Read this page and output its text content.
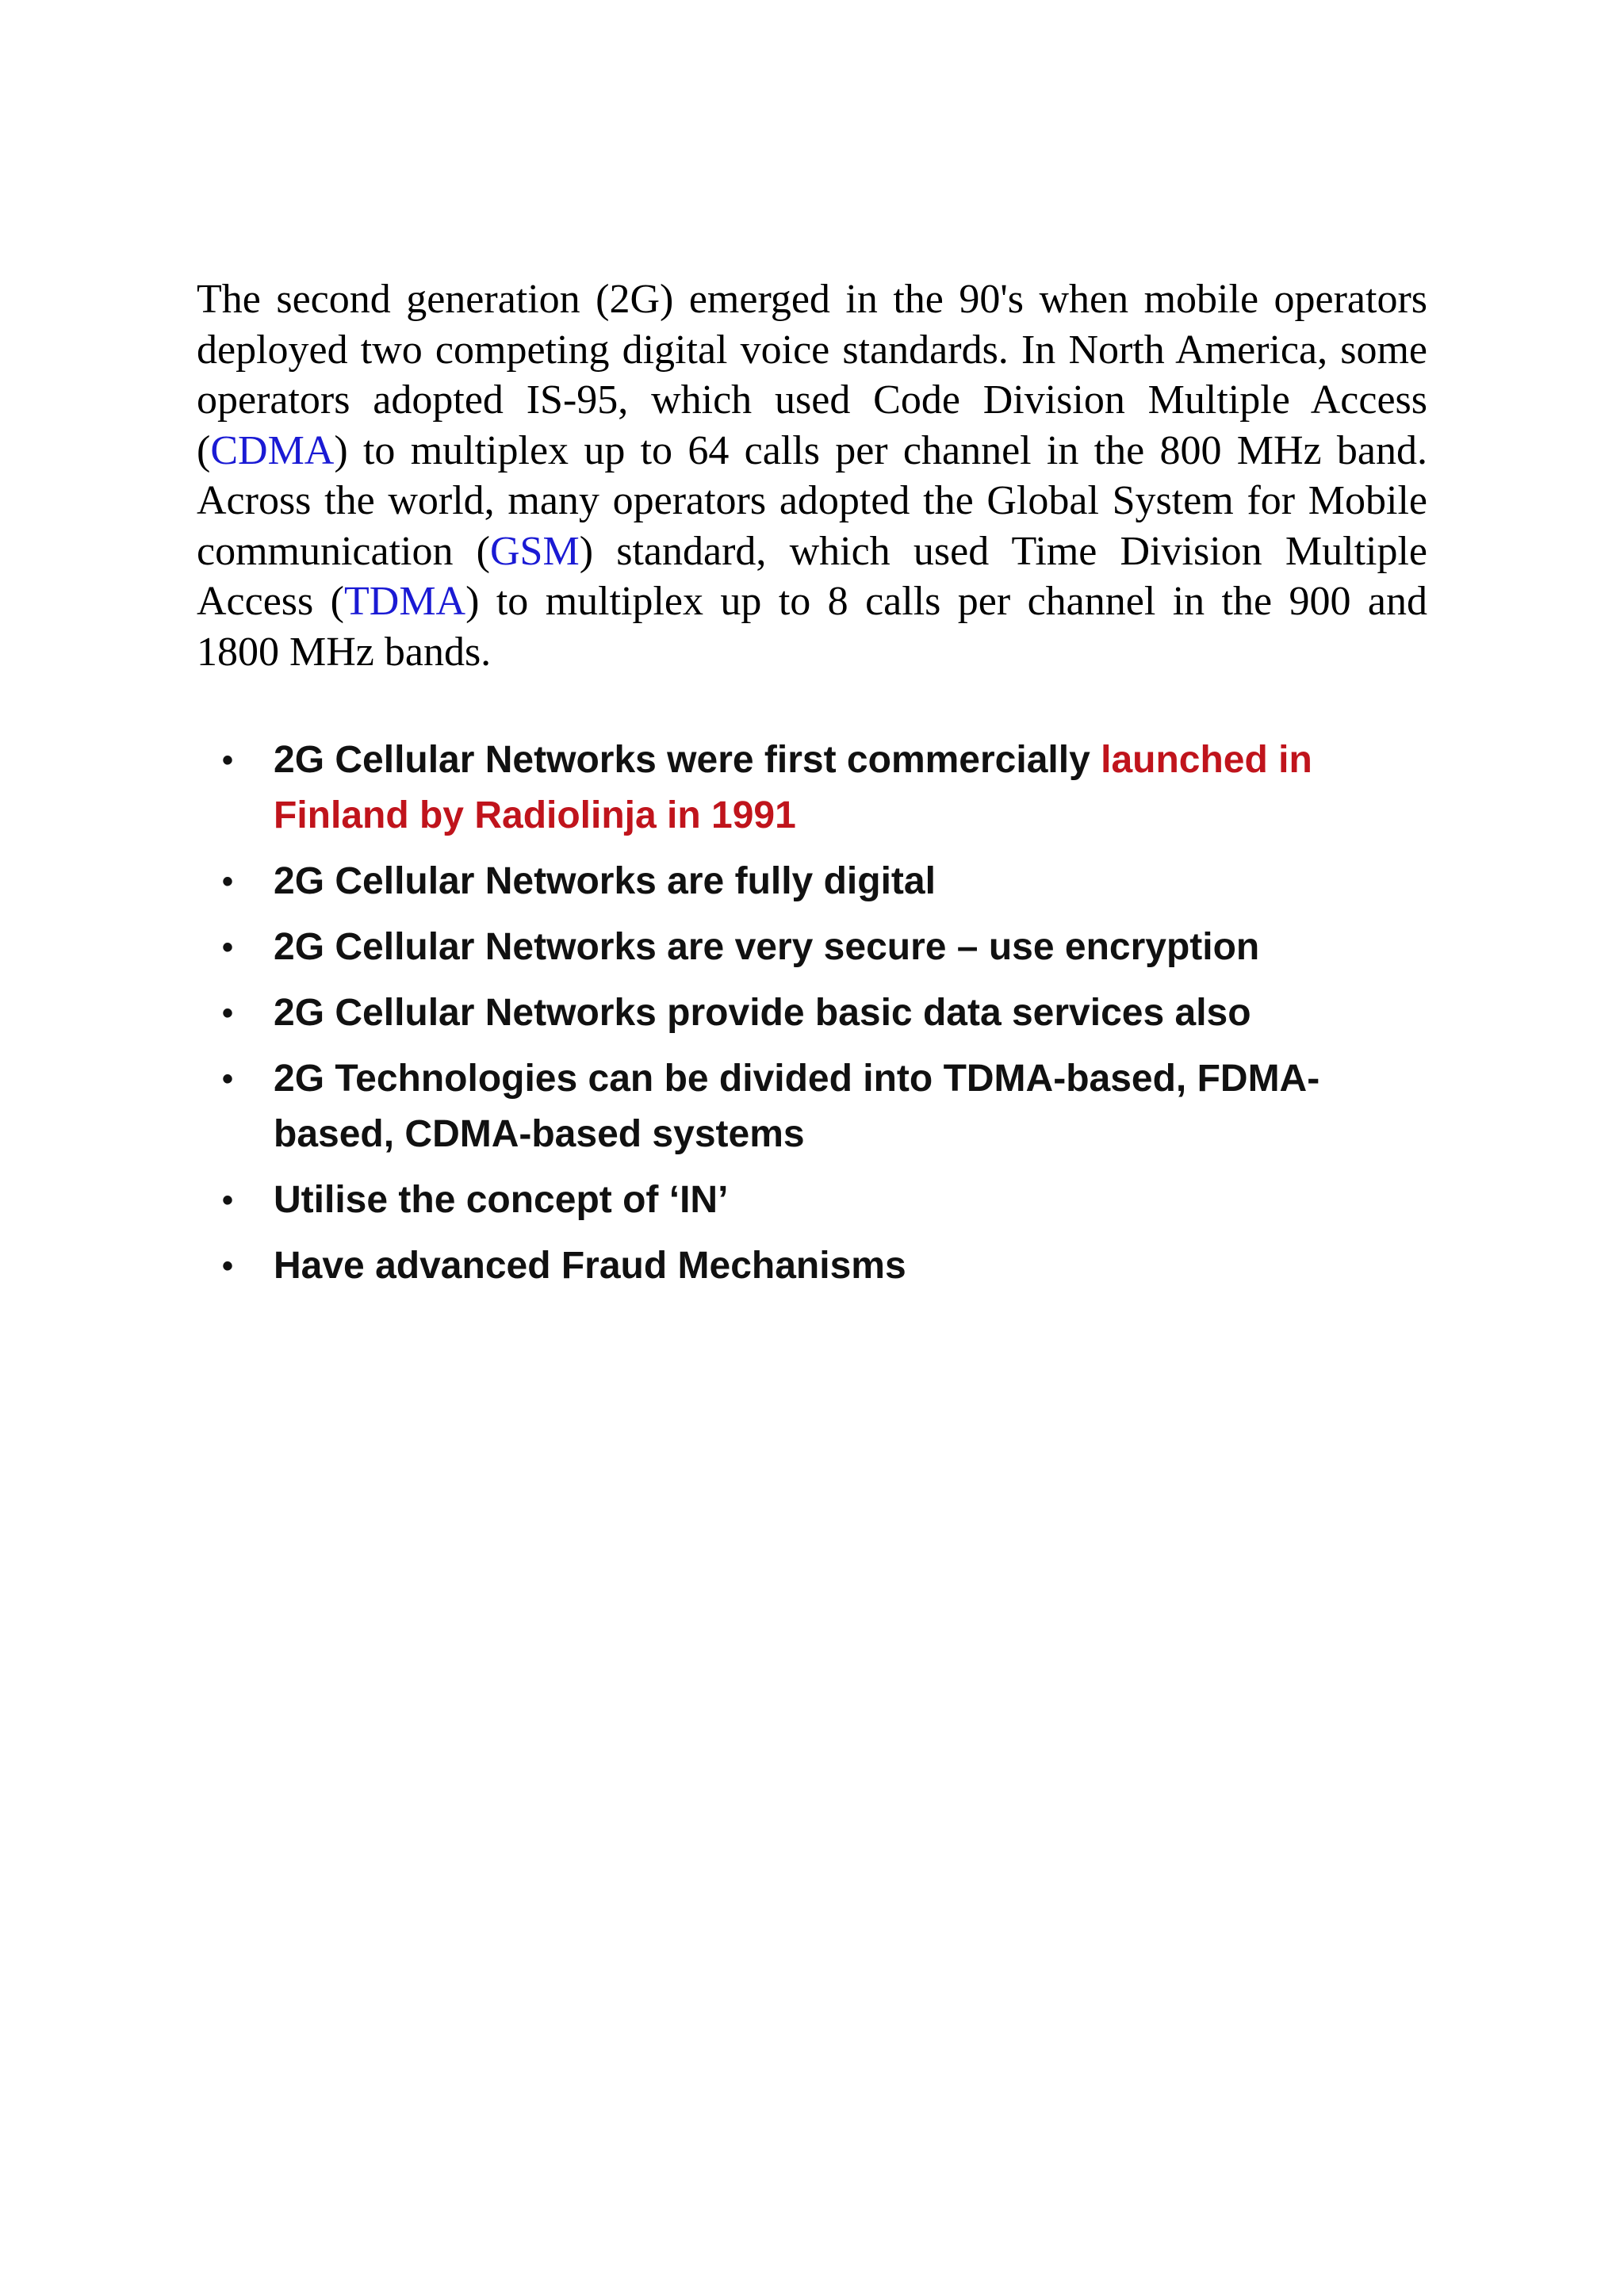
The second generation (2G) emerged in the 90's when mobile operators deployed two competing digital voice standards. In North America, some operators adopted IS-95, which used Code Division Multiple Access (CDMA) to multiplex up to 64 calls per channel in the 800 MHz band. Across the world, many operators adopted the Global System for Mobile communication (GSM) standard, which used Time Division Multiple Access (TDMA) to multiplex up to 8 calls per channel in the 900 and 1800 MHz bands.

• 2G Cellular Networks were first commercially launched in Finland by Radiolinja in 1991
• 2G Cellular Networks are fully digital
• 2G Cellular Networks are very secure – use encryption
• 2G Cellular Networks provide basic data services also
• 2G Technologies can be divided into TDMA-based, FDMA-based, CDMA-based systems
• Utilise the concept of ‘IN’
• Have advanced Fraud Mechanisms
